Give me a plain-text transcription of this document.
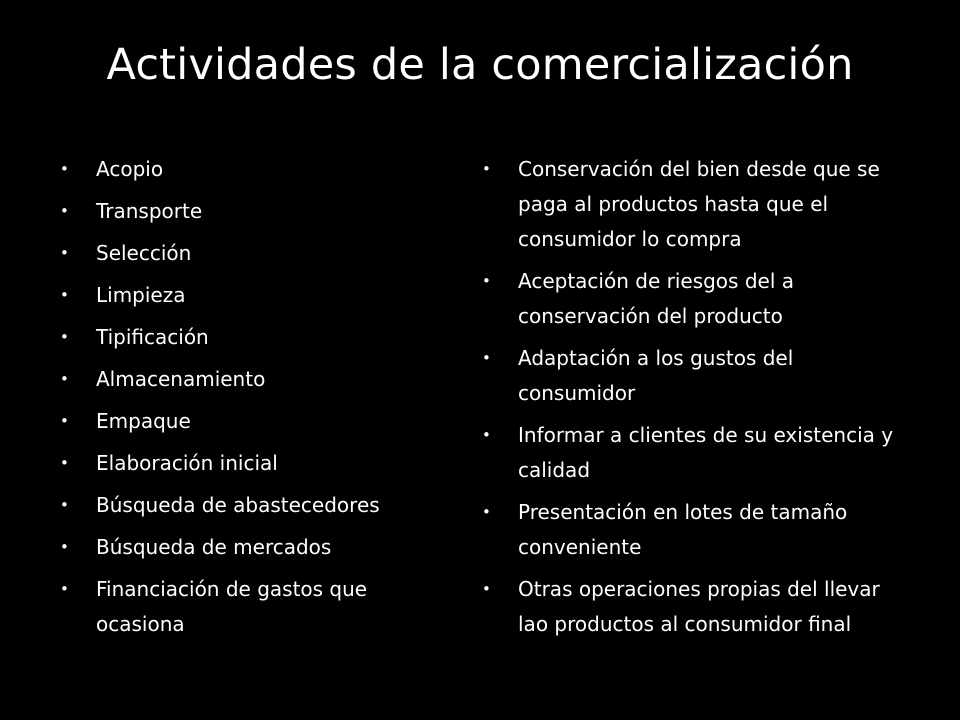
Actividades de la comercialización
• Acopio
• Transporte
• Selección
• Limpieza
• Tipificación
• Almacenamiento
• Empaque
• Elaboración inicial
• Búsqueda de abastecedores
• Búsqueda de mercados
• Financiación de gastos que ocasiona
• Conservación del bien desde que se paga al productos hasta que el consumidor lo compra
• Aceptación de riesgos del a conservación del producto
• Adaptación a los gustos del consumidor
• Informar a clientes de su existencia y calidad
• Presentación en lotes de tamaño conveniente
• Otras operaciones propias del llevar lao productos al consumidor final
